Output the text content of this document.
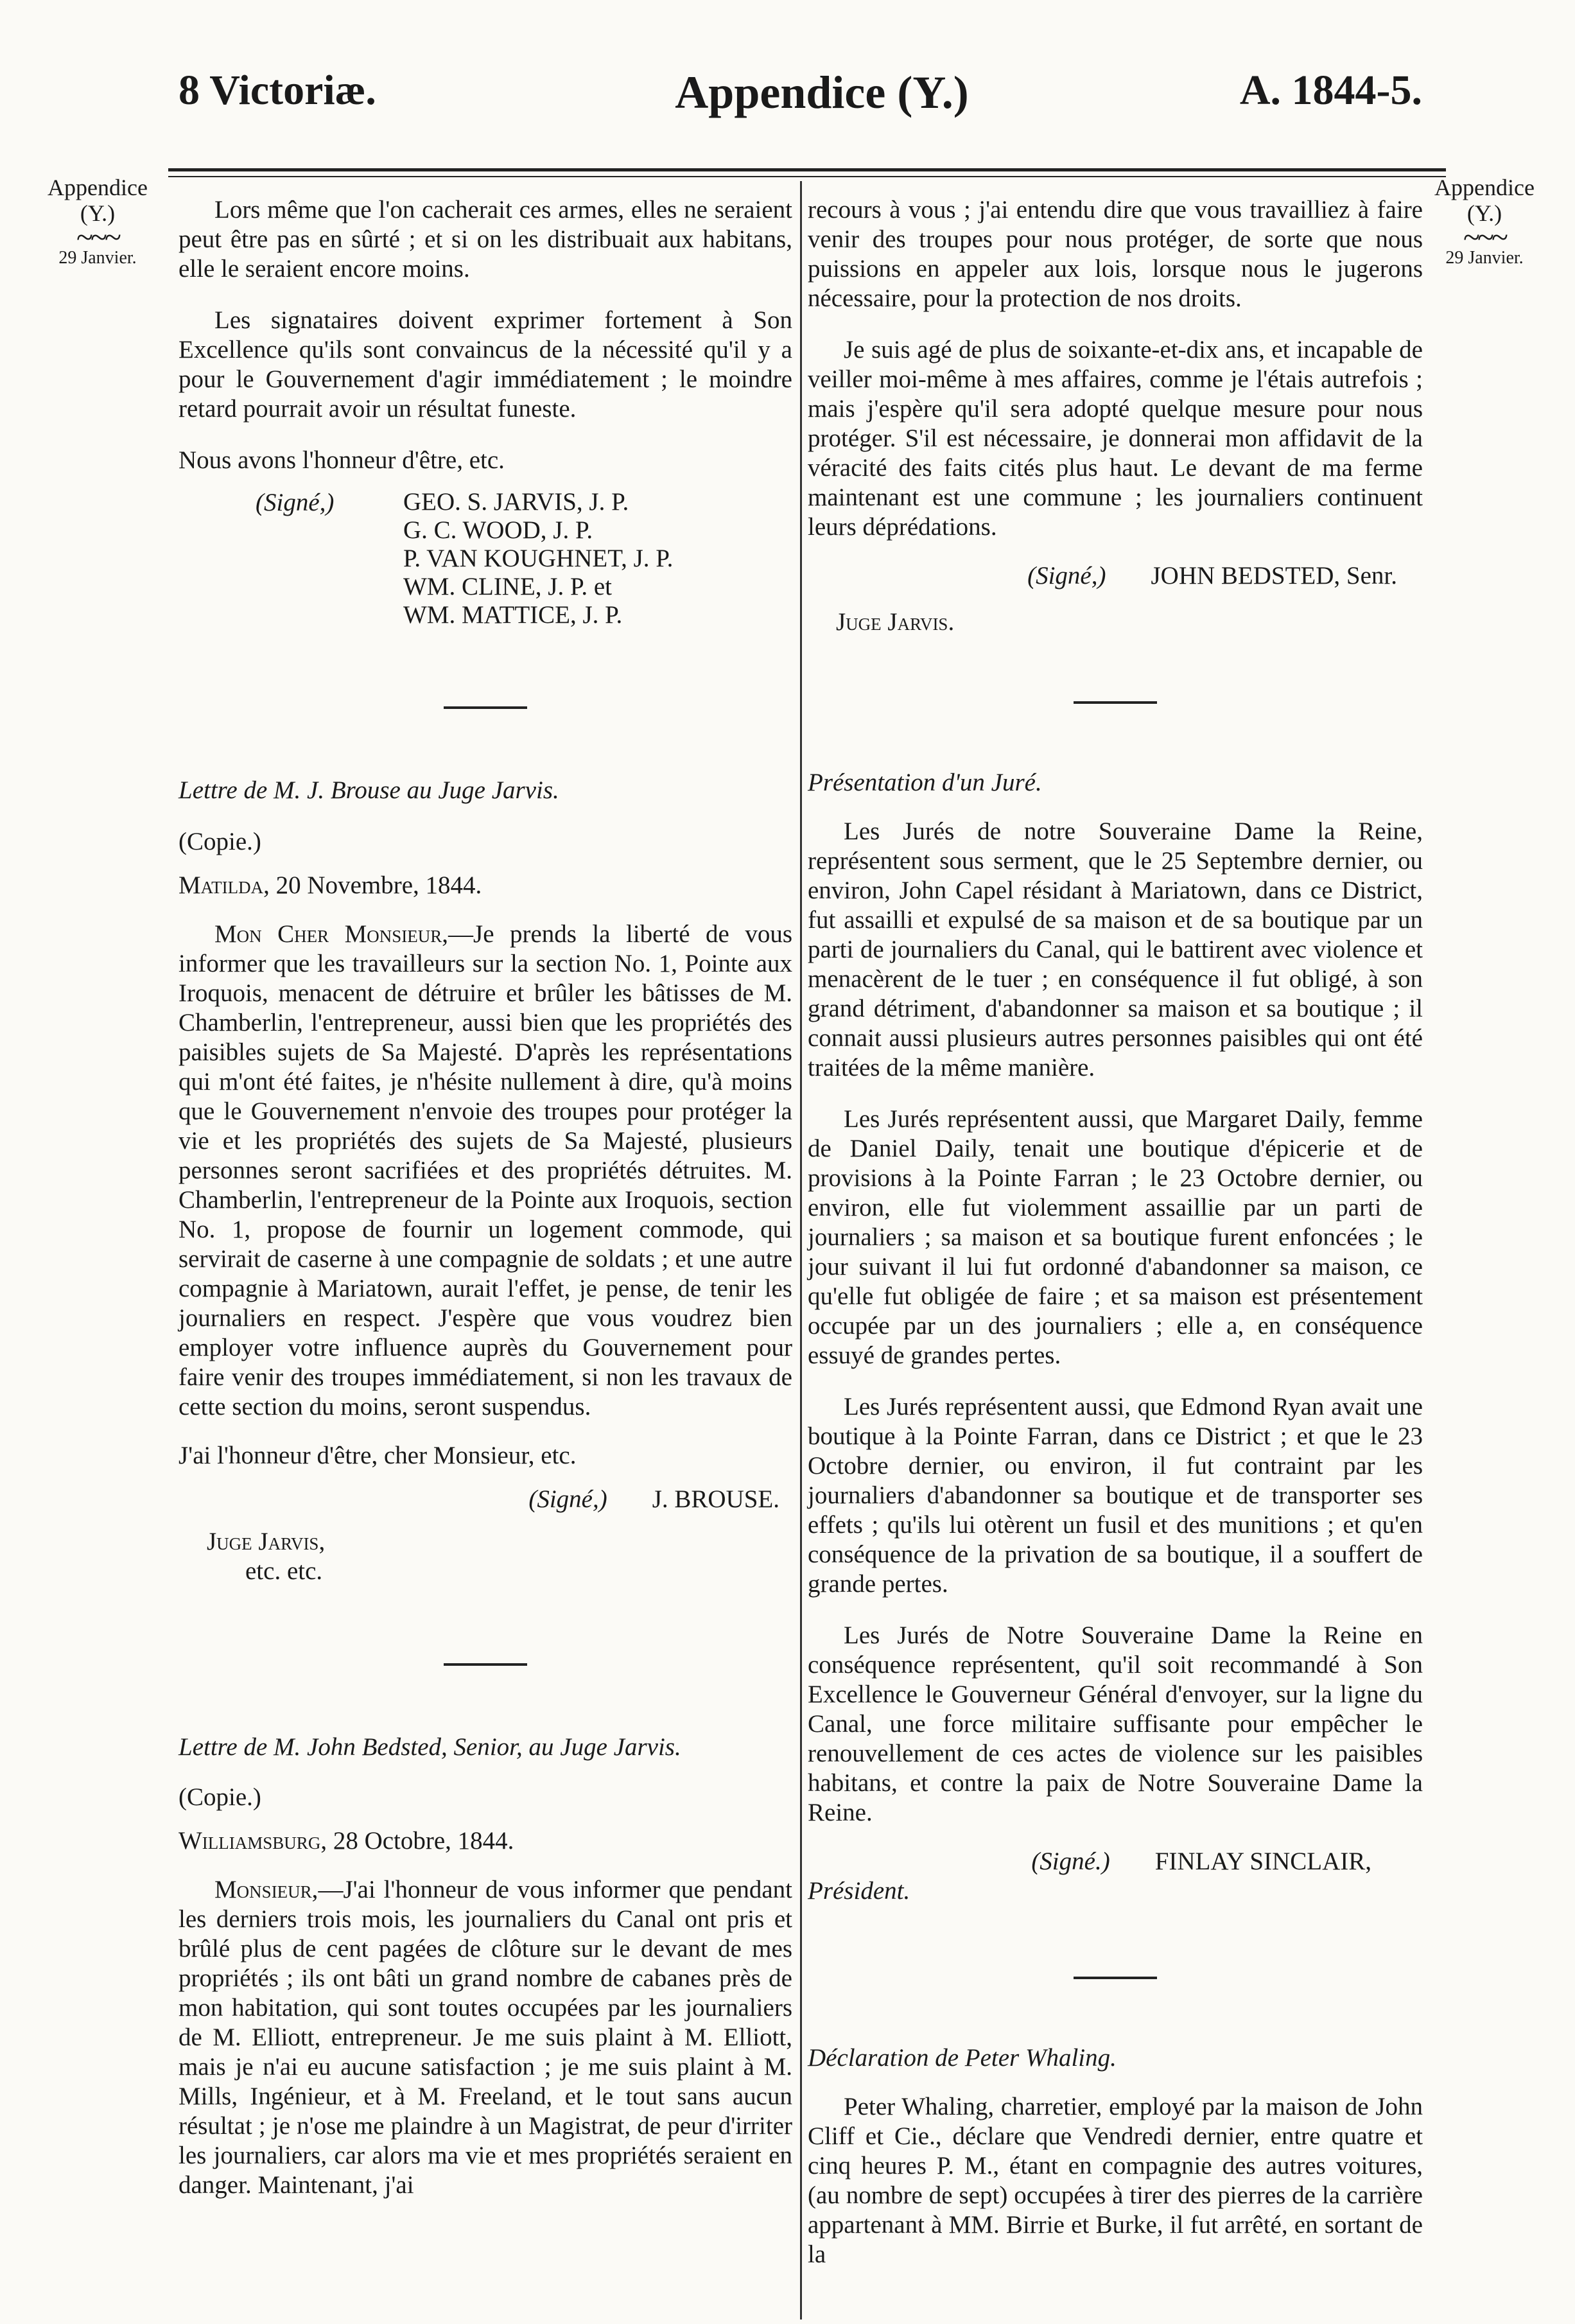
8 Victoriæ.	Appendice (Y.)	A. 1844-5.
Appendice
(Y.)
~~~
29 Janvier.
Appendice
(Y.)
~~~
29 Janvier.

Lors même que l'on cacherait ces armes, elles ne seraient peut être pas en sûrté ; et si on les distribuait aux habitans, elle le seraient encore moins.

Les signataires doivent exprimer fortement à Son Excellence qu'ils sont convaincus de la nécessité qu'il y a pour le Gouvernement d'agir immédiatement ; le moindre retard pourrait avoir un résultat funeste.

Nous avons l'honneur d'être, etc.

(Signé,)	GEO. S. JARVIS, J. P.
G. C. WOOD, J. P.
P. VAN KOUGHNET, J. P.
WM. CLINE, J. P. et
WM. MATTICE, J. P.

Lettre de M. J. Brouse au Juge Jarvis.

(Copie.)

Matilda, 20 Novembre, 1844.

Mon Cher Monsieur,—Je prends la liberté de vous informer que les travailleurs sur la section No. 1, Pointe aux Iroquois, menacent de détruire et brûler les bâtisses de M. Chamberlin, l'entrepreneur, aussi bien que les propriétés des paisibles sujets de Sa Majesté. D'après les représentations qui m'ont été faites, je n'hésite nullement à dire, qu'à moins que le Gouvernement n'envoie des troupes pour protéger la vie et les propriétés des sujets de Sa Majesté, plusieurs personnes seront sacrifiées et des propriétés détruites. M. Chamberlin, l'entrepreneur de la Pointe aux Iroquois, section No. 1, propose de fournir un logement commode, qui servirait de caserne à une compagnie de soldats ; et une autre compagnie à Mariatown, aurait l'effet, je pense, de tenir les journaliers en respect. J'espère que vous voudrez bien employer votre influence auprès du Gouvernement pour faire venir des troupes immédiatement, si non les travaux de cette section du moins, seront suspendus.

J'ai l'honneur d'être, cher Monsieur, etc.

(Signé,) J. BROUSE.
Juge Jarvis,
etc. etc.

Lettre de M. John Bedsted, Senior, au Juge Jarvis.

(Copie.)

Williamsburg, 28 Octobre, 1844.

Monsieur,—J'ai l'honneur de vous informer que pendant les derniers trois mois, les journaliers du Canal ont pris et brûlé plus de cent pagées de clôture sur le devant de mes propriétés ; ils ont bâti un grand nombre de cabanes près de mon habitation, qui sont toutes occupées par les journaliers de M. Elliott, entrepreneur. Je me suis plaint à M. Elliott, mais je n'ai eu aucune satisfaction ; je me suis plaint à M. Mills, Ingénieur, et à M. Freeland, et le tout sans aucun résultat ; je n'ose me plaindre à un Magistrat, de peur d'irriter les journaliers, car alors ma vie et mes propriétés seraient en danger. Maintenant, j'ai

recours à vous ; j'ai entendu dire que vous travailliez à faire venir des troupes pour nous protéger, de sorte que nous puissions en appeler aux lois, lorsque nous le jugerons nécessaire, pour la protection de nos droits.

Je suis agé de plus de soixante-et-dix ans, et incapable de veiller moi-même à mes affaires, comme je l'étais autrefois ; mais j'espère qu'il sera adopté quelque mesure pour nous protéger. S'il est nécessaire, je donnerai mon affidavit de la véracité des faits cités plus haut. Le devant de ma ferme maintenant est une commune ; les journaliers continuent leurs déprédations.

(Signé,) JOHN BEDSTED, Senr.

Juge Jarvis.

Présentation d'un Juré.

Les Jurés de notre Souveraine Dame la Reine, représentent sous serment, que le 25 Septembre dernier, ou environ, John Capel résidant à Mariatown, dans ce District, fut assailli et expulsé de sa maison et de sa boutique par un parti de journaliers du Canal, qui le battirent avec violence et menacèrent de le tuer ; en conséquence il fut obligé, à son grand détriment, d'abandonner sa maison et sa boutique ; il connait aussi plusieurs autres personnes paisibles qui ont été traitées de la même manière.

Les Jurés représentent aussi, que Margaret Daily, femme de Daniel Daily, tenait une boutique d'épicerie et de provisions à la Pointe Farran ; le 23 Octobre dernier, ou environ, elle fut violemment assaillie par un parti de journaliers ; sa maison et sa boutique furent enfoncées ; le jour suivant il lui fut ordonné d'abandonner sa maison, ce qu'elle fut obligée de faire ; et sa maison est présentement occupée par un des journaliers ; elle a, en conséquence essuyé de grandes pertes.

Les Jurés représentent aussi, que Edmond Ryan avait une boutique à la Pointe Farran, dans ce District ; et que le 23 Octobre dernier, ou environ, il fut contraint par les journaliers d'abandonner sa boutique et de transporter ses effets ; qu'ils lui otèrent un fusil et des munitions ; et qu'en conséquence de la privation de sa boutique, il a souffert de grande pertes.

Les Jurés de Notre Souveraine Dame la Reine en conséquence représentent, qu'il soit recommandé à Son Excellence le Gouverneur Général d'envoyer, sur la ligne du Canal, une force militaire suffisante pour empêcher le renouvellement de ces actes de violence sur les paisibles habitans, et contre la paix de Notre Souveraine Dame la Reine.

(Signé.) FINLAY SINCLAIR,

Président.

Déclaration de Peter Whaling.

Peter Whaling, charretier, employé par la maison de John Cliff et Cie., déclare que Vendredi dernier, entre quatre et cinq heures P. M., étant en compagnie des autres voitures, (au nombre de sept) occupées à tirer des pierres de la carrière appartenant à MM. Birrie et Burke, il fut arrêté, en sortant de la
